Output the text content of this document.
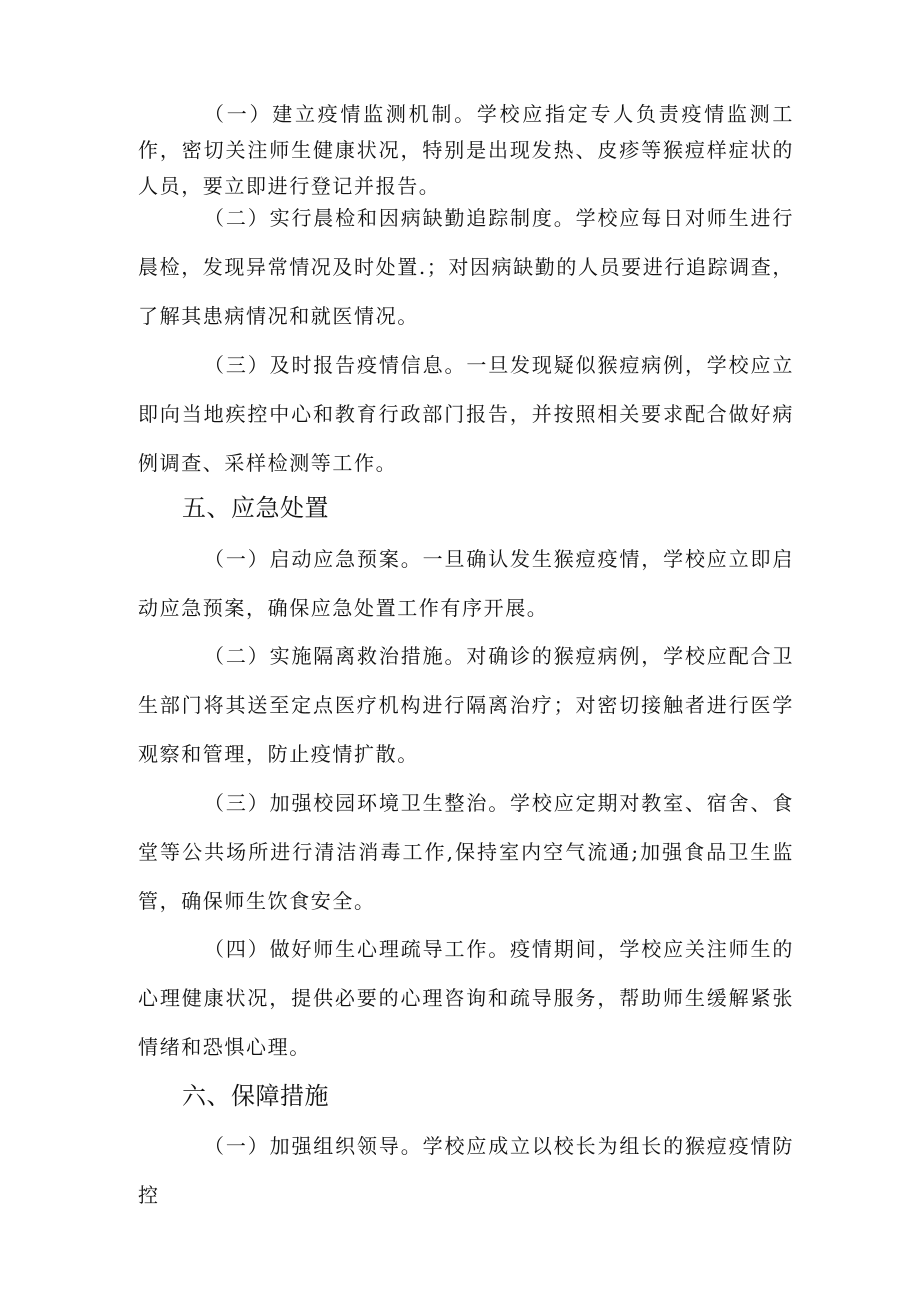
（一）建立疫情监测机制。学校应指定专人负责疫情监测工作，密切关注师生健康状况，特别是出现发热、皮疹等猴痘样症状的人员，要立即进行登记并报告。

（二）实行晨检和因病缺勤追踪制度。学校应每日对师生进行晨检，发现异常情况及时处置.；对因病缺勤的人员要进行追踪调查，了解其患病情况和就医情况。

（三）及时报告疫情信息。一旦发现疑似猴痘病例，学校应立即向当地疾控中心和教育行政部门报告，并按照相关要求配合做好病例调查、采样检测等工作。

五、应急处置

（一）启动应急预案。一旦确认发生猴痘疫情，学校应立即启动应急预案，确保应急处置工作有序开展。

（二）实施隔离救治措施。对确诊的猴痘病例，学校应配合卫生部门将其送至定点医疗机构进行隔离治疗；对密切接触者进行医学观察和管理，防止疫情扩散。

（三）加强校园环境卫生整治。学校应定期对教室、宿舍、食堂等公共场所进行清洁消毒工作,保持室内空气流通;加强食品卫生监管，确保师生饮食安全。

（四）做好师生心理疏导工作。疫情期间，学校应关注师生的心理健康状况，提供必要的心理咨询和疏导服务，帮助师生缓解紧张情绪和恐惧心理。

六、保障措施

（一）加强组织领导。学校应成立以校长为组长的猴痘疫情防控
